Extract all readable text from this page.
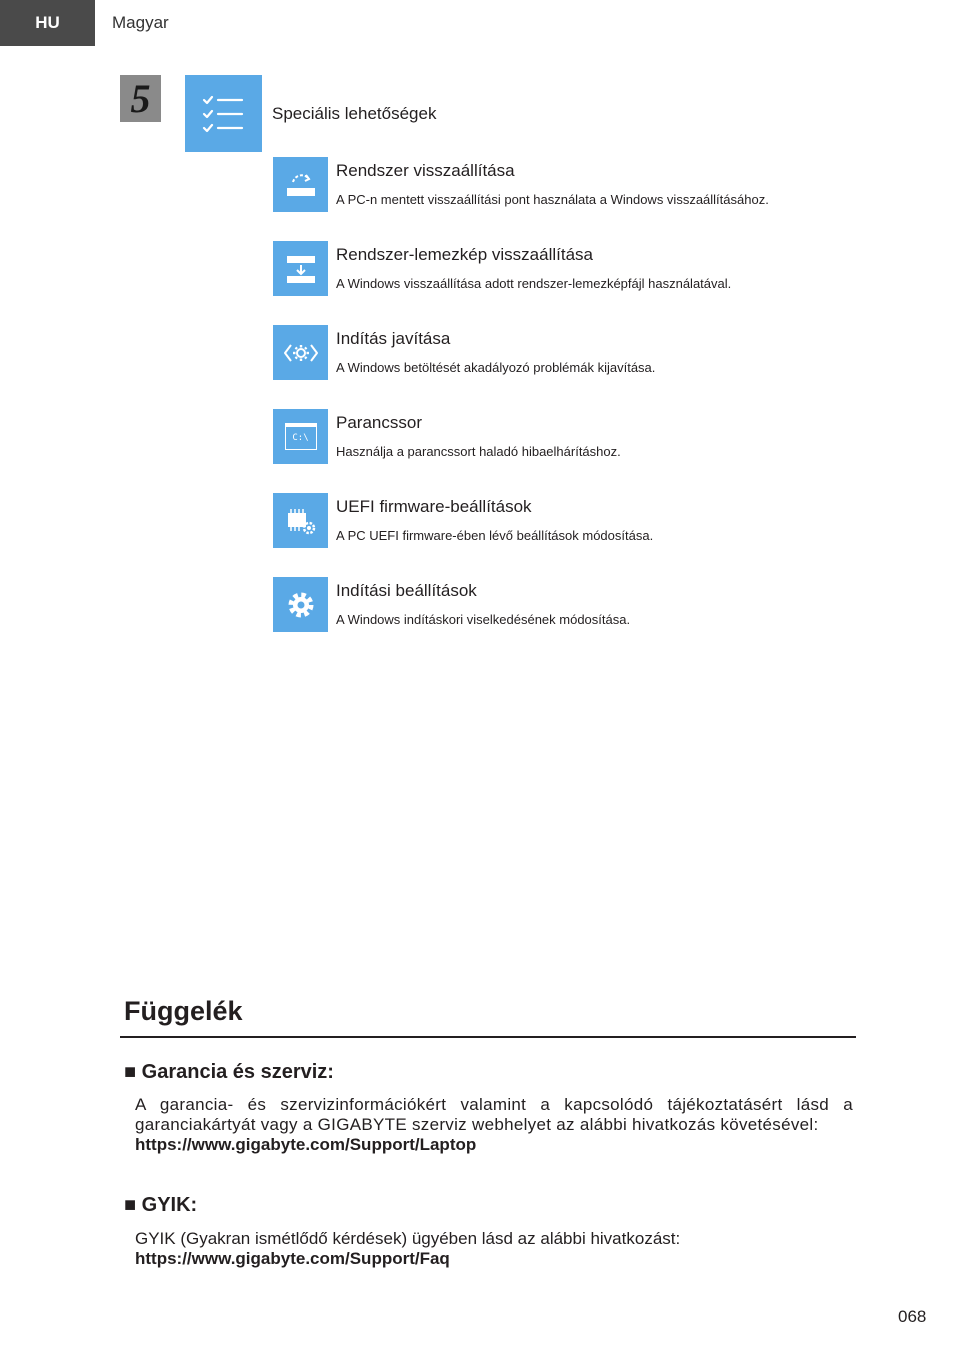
HU	Magyar
5	Speciális lehetőségek
Rendszer visszaállítása
A PC-n mentett visszaállítási pont használata a Windows visszaállításához.
Rendszer-lemezkép visszaállítása
A Windows visszaállítása adott rendszer-lemezképfájl használatával.
Indítás javítása
A Windows betöltését akadályozó problémák kijavítása.
C:\
Parancssor
Használja a parancssort haladó hibaelhárításhoz.
UEFI firmware-beállítások
A PC UEFI firmware-ében lévő beállítások módosítása.
Indítási beállítások
A Windows indításkori viselkedésének módosítása.
Függelék
■ Garancia és szerviz:

A garancia- és szervizinformációkért valamint a kapcsolódó tájékoztatásért lásd a garanciakártyát vagy a GIGABYTE szerviz webhelyet az alábbi hivatkozás követésével:

https://www.gigabyte.com/Support/Laptop
■ GYIK:

GYIK (Gyakran ismétlődő kérdések) ügyében lásd az alábbi hivatkozást:

https://www.gigabyte.com/Support/Faq
068
